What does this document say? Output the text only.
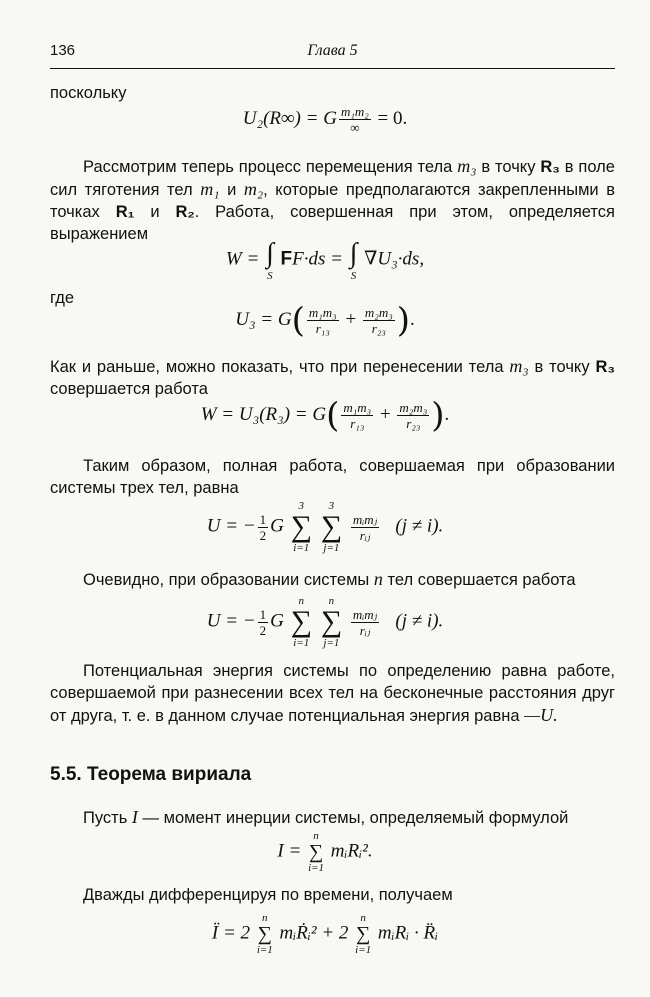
136	Глава 5
поскольку
U₂(R∞) = G $\frac{\text{m₁m₂}}{\infty} = 0$.
Рассмотрим теперь процесс перемещения тела m₃ в точку R₃ в поле сил тяготения тел m₁ и m₂, которые предполагаются закрепленными в точках R₁ и R₂. Работа, совершенная при этом, определяется выражением
W = ∫
S
FF·ds = ∫
S
∇U₃·ds,
где
$U_3 = G( \frac{\text{m₁m₃}}{\text{r₁₃}} + \frac{\text{m₂m₃}}{\text{r₂₃}}$ ).
Как и раньше, можно показать, что при перенесении тела m₃ в точку R₃ совершается работа
$W = U_3(R_3) = G( \frac{\text{m₁m₃}}{\text{r₁₃}} + \frac{\text{m₂m₃}}{\text{r₂₃}}$ ).
Таким образом, полная работа, совершаемая при образовании системы трех тел, равна
U = − $\frac{1}{2}$ G
3
∑
i=1

3
∑
j=1

$\frac{\text{mᵢmⱼ}}{\text{rᵢⱼ}} (j \ne i)$.
Очевидно, при образовании системы n тел совершается работа
U = − $\frac{1}{2}$ G
n
∑
i=1

n
∑
j=1

$\frac{\text{mᵢmⱼ}}{\text{rᵢⱼ}} (j \ne i)$.
Потенциальная энергия системы по определению равна работе, совершаемой при разнесении всех тел на бесконечные расстояния друг от друга, т. е. в данном случае потенциальная энергия равна —U.
5.5. Теорема вириала
Пусть I — момент инерции системы, определяемый формулой
I =
n
∑
i=1
mᵢRᵢ².
Дважды дифференцируя по времени, получаем
Ï = 2
n
∑
i=1
mᵢṘᵢ² + 2
n
∑
i=1
mᵢRᵢ · R̈ᵢ
